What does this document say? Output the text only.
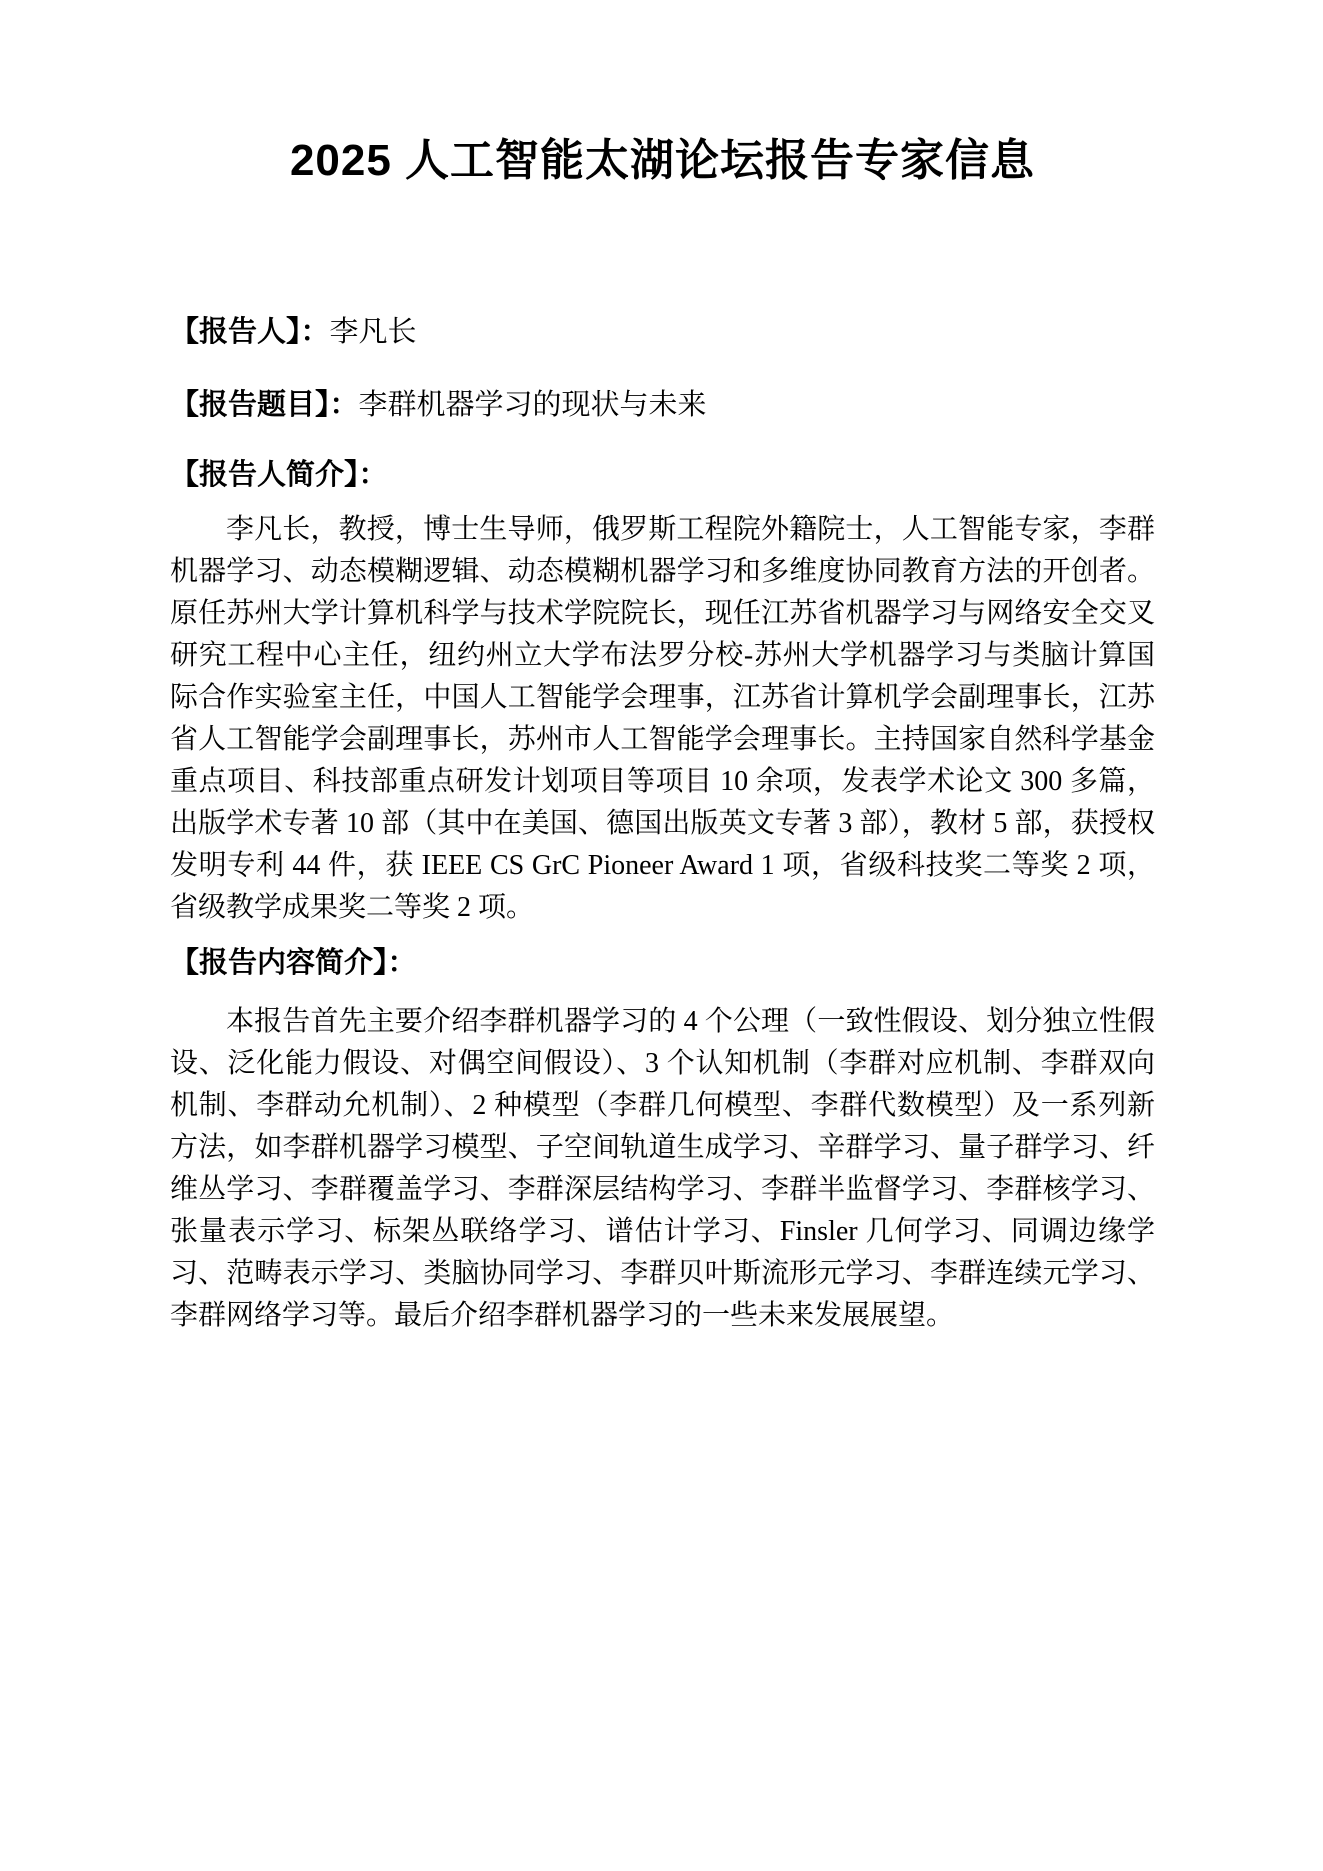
2025 人工智能太湖论坛报告专家信息
【报告人】：李凡长
【报告题目】：李群机器学习的现状与未来
【报告人简介】：

李凡长，教授，博士生导师，俄罗斯工程院外籍院士，人工智能专家，李群机器学习、动态模糊逻辑、动态模糊机器学习和多维度协同教育方法的开创者。原任苏州大学计算机科学与技术学院院长，现任江苏省机器学习与网络安全交叉研究工程中心主任，纽约州立大学布法罗分校-苏州大学机器学习与类脑计算国际合作实验室主任，中国人工智能学会理事，江苏省计算机学会副理事长，江苏省人工智能学会副理事长，苏州市人工智能学会理事长。主持国家自然科学基金重点项目、科技部重点研发计划项目等项目 10 余项，发表学术论文 300 多篇，出版学术专著 10 部（其中在美国、德国出版英文专著 3 部），教材 5 部，获授权发明专利 44 件，获 IEEE CS GrC Pioneer Award 1 项，省级科技奖二等奖 2 项，省级教学成果奖二等奖 2 项。

【报告内容简介】：

本报告首先主要介绍李群机器学习的 4 个公理（一致性假设、划分独立性假设、泛化能力假设、对偶空间假设）、3 个认知机制（李群对应机制、李群双向机制、李群动允机制）、2 种模型（李群几何模型、李群代数模型）及一系列新方法，如李群机器学习模型、子空间轨道生成学习、辛群学习、量子群学习、纤维丛学习、李群覆盖学习、李群深层结构学习、李群半监督学习、李群核学习、张量表示学习、标架丛联络学习、谱估计学习、Finsler 几何学习、同调边缘学习、范畴表示学习、类脑协同学习、李群贝叶斯流形元学习、李群连续元学习、李群网络学习等。最后介绍李群机器学习的一些未来发展展望。
